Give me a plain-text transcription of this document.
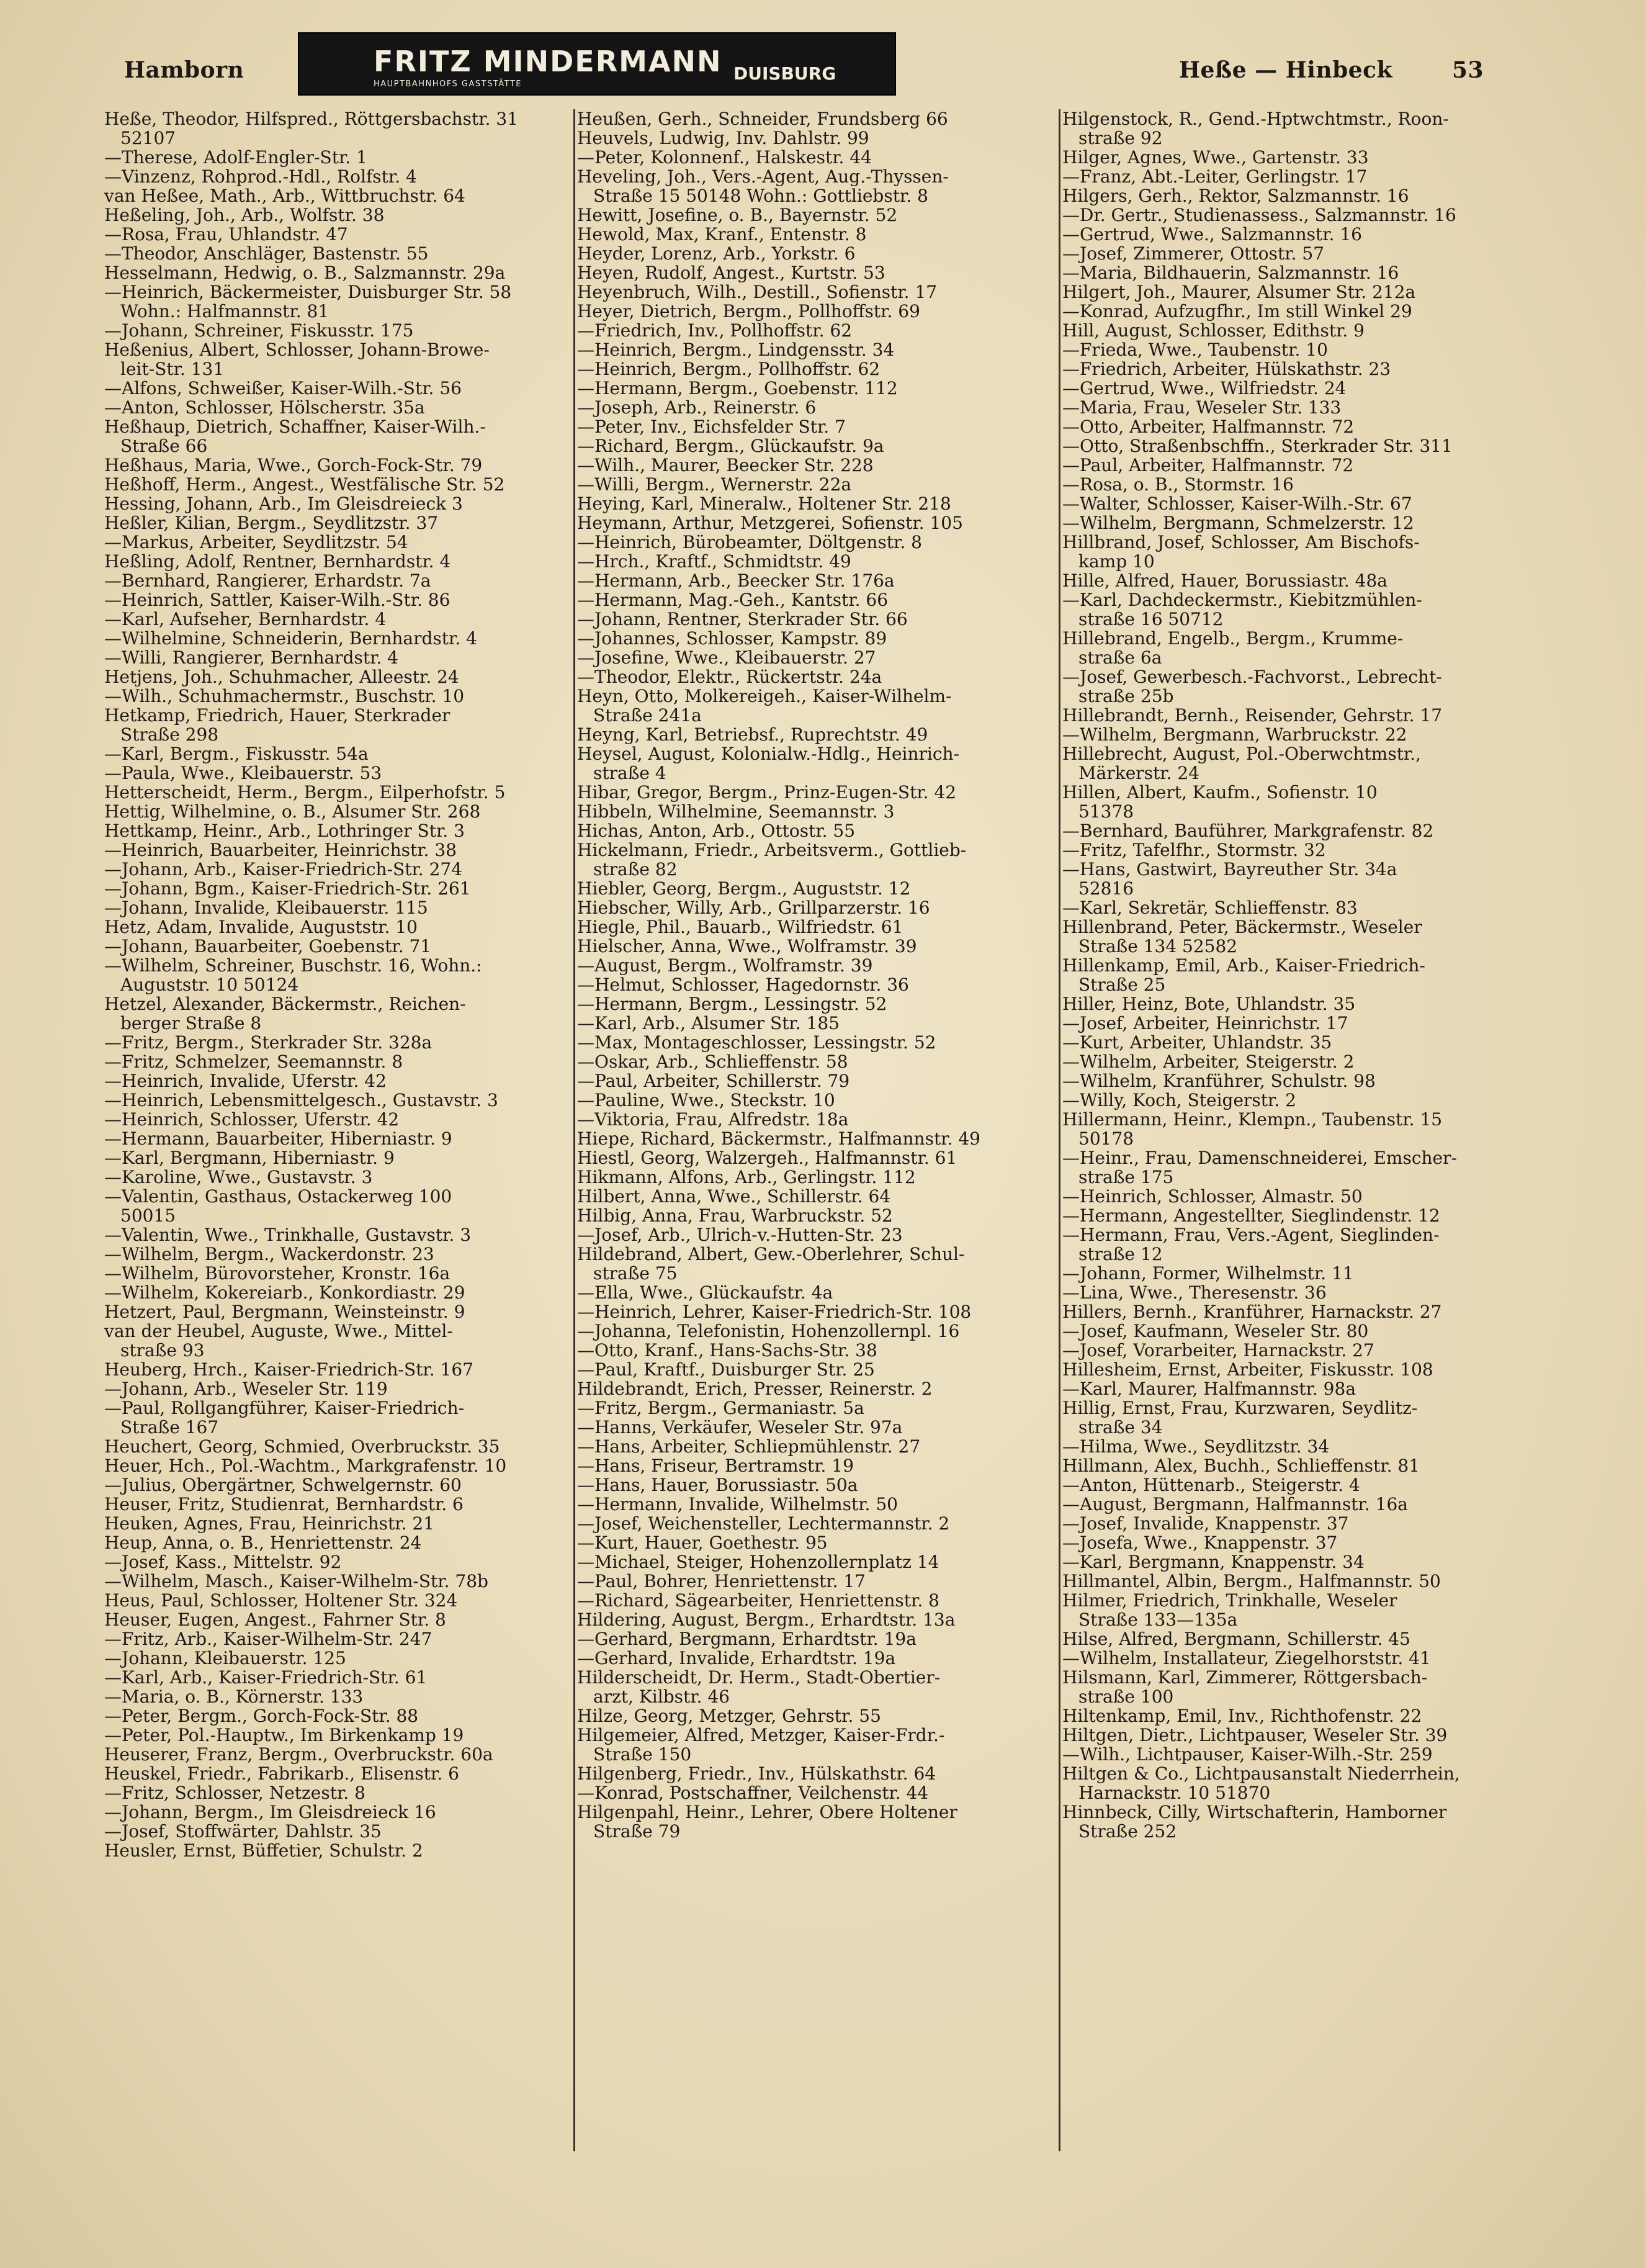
Hamborn	FRITZ MINDERMANN
HAUPTBAHNHOFS GASTSTÄTTE
DUISBURG	Heße — Hinbeck	53
Heße, Theodor, Hilfspred., Röttgersbachstr. 31
52107
—Therese, Adolf-Engler-Str. 1
—Vinzenz, Rohprod.-Hdl., Rolfstr. 4
van Heßee, Math., Arb., Wittbruchstr. 64
Heßeling, Joh., Arb., Wolfstr. 38
—Rosa, Frau, Uhlandstr. 47
—Theodor, Anschläger, Bastenstr. 55
Hesselmann, Hedwig, o. B., Salzmannstr. 29a
—Heinrich, Bäckermeister, Duisburger Str. 58
Wohn.: Halfmannstr. 81
—Johann, Schreiner, Fiskusstr. 175
Heßenius, Albert, Schlosser, Johann-Browe-
leit-Str. 131
—Alfons, Schweißer, Kaiser-Wilh.-Str. 56
—Anton, Schlosser, Hölscherstr. 35a
Heßhaup, Dietrich, Schaffner, Kaiser-Wilh.-
Straße 66
Heßhaus, Maria, Wwe., Gorch-Fock-Str. 79
Heßhoff, Herm., Angest., Westfälische Str. 52
Hessing, Johann, Arb., Im Gleisdreieck 3
Heßler, Kilian, Bergm., Seydlitzstr. 37
—Markus, Arbeiter, Seydlitzstr. 54
Heßling, Adolf, Rentner, Bernhardstr. 4
—Bernhard, Rangierer, Erhardstr. 7a
—Heinrich, Sattler, Kaiser-Wilh.-Str. 86
—Karl, Aufseher, Bernhardstr. 4
—Wilhelmine, Schneiderin, Bernhardstr. 4
—Willi, Rangierer, Bernhardstr. 4
Hetjens, Joh., Schuhmacher, Alleestr. 24
—Wilh., Schuhmachermstr., Buschstr. 10
Hetkamp, Friedrich, Hauer, Sterkrader
Straße 298
—Karl, Bergm., Fiskusstr. 54a
—Paula, Wwe., Kleibauerstr. 53
Hetterscheidt, Herm., Bergm., Eilperhofstr. 5
Hettig, Wilhelmine, o. B., Alsumer Str. 268
Hettkamp, Heinr., Arb., Lothringer Str. 3
—Heinrich, Bauarbeiter, Heinrichstr. 38
—Johann, Arb., Kaiser-Friedrich-Str. 274
—Johann, Bgm., Kaiser-Friedrich-Str. 261
—Johann, Invalide, Kleibauerstr. 115
Hetz, Adam, Invalide, Auguststr. 10
—Johann, Bauarbeiter, Goebenstr. 71
—Wilhelm, Schreiner, Buschstr. 16, Wohn.:
Auguststr. 10 50124
Hetzel, Alexander, Bäckermstr., Reichen-
berger Straße 8
—Fritz, Bergm., Sterkrader Str. 328a
—Fritz, Schmelzer, Seemannstr. 8
—Heinrich, Invalide, Uferstr. 42
—Heinrich, Lebensmittelgesch., Gustavstr. 3
—Heinrich, Schlosser, Uferstr. 42
—Hermann, Bauarbeiter, Hiberniastr. 9
—Karl, Bergmann, Hiberniastr. 9
—Karoline, Wwe., Gustavstr. 3
—Valentin, Gasthaus, Ostackerweg 100
50015
—Valentin, Wwe., Trinkhalle, Gustavstr. 3
—Wilhelm, Bergm., Wackerdonstr. 23
—Wilhelm, Bürovorsteher, Kronstr. 16a
—Wilhelm, Kokereiarb., Konkordiastr. 29
Hetzert, Paul, Bergmann, Weinsteinstr. 9
van der Heubel, Auguste, Wwe., Mittel-
straße 93
Heuberg, Hrch., Kaiser-Friedrich-Str. 167
—Johann, Arb., Weseler Str. 119
—Paul, Rollgangführer, Kaiser-Friedrich-
Straße 167
Heuchert, Georg, Schmied, Overbruckstr. 35
Heuer, Hch., Pol.-Wachtm., Markgrafenstr. 10
—Julius, Obergärtner, Schwelgernstr. 60
Heuser, Fritz, Studienrat, Bernhardstr. 6
Heuken, Agnes, Frau, Heinrichstr. 21
Heup, Anna, o. B., Henriettenstr. 24
—Josef, Kass., Mittelstr. 92
—Wilhelm, Masch., Kaiser-Wilhelm-Str. 78b
Heus, Paul, Schlosser, Holtener Str. 324
Heuser, Eugen, Angest., Fahrner Str. 8
—Fritz, Arb., Kaiser-Wilhelm-Str. 247
—Johann, Kleibauerstr. 125
—Karl, Arb., Kaiser-Friedrich-Str. 61
—Maria, o. B., Körnerstr. 133
—Peter, Bergm., Gorch-Fock-Str. 88
—Peter, Pol.-Hauptw., Im Birkenkamp 19
Heuserer, Franz, Bergm., Overbruckstr. 60a
Heuskel, Friedr., Fabrikarb., Elisenstr. 6
—Fritz, Schlosser, Netzestr. 8
—Johann, Bergm., Im Gleisdreieck 16
—Josef, Stoffwärter, Dahlstr. 35
Heusler, Ernst, Büffetier, Schulstr. 2
Heußen, Gerh., Schneider, Frundsberg 66
Heuvels, Ludwig, Inv. Dahlstr. 99
—Peter, Kolonnenf., Halskestr. 44
Heveling, Joh., Vers.-Agent, Aug.-Thyssen-
Straße 15 50148 Wohn.: Gottliebstr. 8
Hewitt, Josefine, o. B., Bayernstr. 52
Hewold, Max, Kranf., Entenstr. 8
Heyder, Lorenz, Arb., Yorkstr. 6
Heyen, Rudolf, Angest., Kurtstr. 53
Heyenbruch, Wilh., Destill., Sofienstr. 17
Heyer, Dietrich, Bergm., Pollhoffstr. 69
—Friedrich, Inv., Pollhoffstr. 62
—Heinrich, Bergm., Lindgensstr. 34
—Heinrich, Bergm., Pollhoffstr. 62
—Hermann, Bergm., Goebenstr. 112
—Joseph, Arb., Reinerstr. 6
—Peter, Inv., Eichsfelder Str. 7
—Richard, Bergm., Glückaufstr. 9a
—Wilh., Maurer, Beecker Str. 228
—Willi, Bergm., Wernerstr. 22a
Heying, Karl, Mineralw., Holtener Str. 218
Heymann, Arthur, Metzgerei, Sofienstr. 105
—Heinrich, Bürobeamter, Döltgenstr. 8
—Hrch., Kraftf., Schmidtstr. 49
—Hermann, Arb., Beecker Str. 176a
—Hermann, Mag.-Geh., Kantstr. 66
—Johann, Rentner, Sterkrader Str. 66
—Johannes, Schlosser, Kampstr. 89
—Josefine, Wwe., Kleibauerstr. 27
—Theodor, Elektr., Rückertstr. 24a
Heyn, Otto, Molkereigeh., Kaiser-Wilhelm-
Straße 241a
Heyng, Karl, Betriebsf., Ruprechtstr. 49
Heysel, August, Kolonialw.-Hdlg., Heinrich-
straße 4
Hibar, Gregor, Bergm., Prinz-Eugen-Str. 42
Hibbeln, Wilhelmine, Seemannstr. 3
Hichas, Anton, Arb., Ottostr. 55
Hickelmann, Friedr., Arbeitsverm., Gottlieb-
straße 82
Hiebler, Georg, Bergm., Auguststr. 12
Hiebscher, Willy, Arb., Grillparzerstr. 16
Hiegle, Phil., Bauarb., Wilfriedstr. 61
Hielscher, Anna, Wwe., Wolframstr. 39
—August, Bergm., Wolframstr. 39
—Helmut, Schlosser, Hagedornstr. 36
—Hermann, Bergm., Lessingstr. 52
—Karl, Arb., Alsumer Str. 185
—Max, Montageschlosser, Lessingstr. 52
—Oskar, Arb., Schlieffenstr. 58
—Paul, Arbeiter, Schillerstr. 79
—Pauline, Wwe., Steckstr. 10
—Viktoria, Frau, Alfredstr. 18a
Hiepe, Richard, Bäckermstr., Halfmannstr. 49
Hiestl, Georg, Walzergeh., Halfmannstr. 61
Hikmann, Alfons, Arb., Gerlingstr. 112
Hilbert, Anna, Wwe., Schillerstr. 64
Hilbig, Anna, Frau, Warbruckstr. 52
—Josef, Arb., Ulrich-v.-Hutten-Str. 23
Hildebrand, Albert, Gew.-Oberlehrer, Schul-
straße 75
—Ella, Wwe., Glückaufstr. 4a
—Heinrich, Lehrer, Kaiser-Friedrich-Str. 108
—Johanna, Telefonistin, Hohenzollernpl. 16
—Otto, Kranf., Hans-Sachs-Str. 38
—Paul, Kraftf., Duisburger Str. 25
Hildebrandt, Erich, Presser, Reinerstr. 2
—Fritz, Bergm., Germaniastr. 5a
—Hanns, Verkäufer, Weseler Str. 97a
—Hans, Arbeiter, Schliepmühlenstr. 27
—Hans, Friseur, Bertramstr. 19
—Hans, Hauer, Borussiastr. 50a
—Hermann, Invalide, Wilhelmstr. 50
—Josef, Weichensteller, Lechtermannstr. 2
—Kurt, Hauer, Goethestr. 95
—Michael, Steiger, Hohenzollernplatz 14
—Paul, Bohrer, Henriettenstr. 17
—Richard, Sägearbeiter, Henriettenstr. 8
Hildering, August, Bergm., Erhardtstr. 13a
—Gerhard, Bergmann, Erhardtstr. 19a
—Gerhard, Invalide, Erhardtstr. 19a
Hilderscheidt, Dr. Herm., Stadt-Obertier-
arzt, Kilbstr. 46
Hilze, Georg, Metzger, Gehrstr. 55
Hilgemeier, Alfred, Metzger, Kaiser-Frdr.-
Straße 150
Hilgenberg, Friedr., Inv., Hülskathstr. 64
—Konrad, Postschaffner, Veilchenstr. 44
Hilgenpahl, Heinr., Lehrer, Obere Holtener
Straße 79
Hilgenstock, R., Gend.-Hptwchtmstr., Roon-
straße 92
Hilger, Agnes, Wwe., Gartenstr. 33
—Franz, Abt.-Leiter, Gerlingstr. 17
Hilgers, Gerh., Rektor, Salzmannstr. 16
—Dr. Gertr., Studienassess., Salzmannstr. 16
—Gertrud, Wwe., Salzmannstr. 16
—Josef, Zimmerer, Ottostr. 57
—Maria, Bildhauerin, Salzmannstr. 16
Hilgert, Joh., Maurer, Alsumer Str. 212a
—Konrad, Aufzugfhr., Im still Winkel 29
Hill, August, Schlosser, Edithstr. 9
—Frieda, Wwe., Taubenstr. 10
—Friedrich, Arbeiter, Hülskathstr. 23
—Gertrud, Wwe., Wilfriedstr. 24
—Maria, Frau, Weseler Str. 133
—Otto, Arbeiter, Halfmannstr. 72
—Otto, Straßenbschffn., Sterkrader Str. 311
—Paul, Arbeiter, Halfmannstr. 72
—Rosa, o. B., Stormstr. 16
—Walter, Schlosser, Kaiser-Wilh.-Str. 67
—Wilhelm, Bergmann, Schmelzerstr. 12
Hillbrand, Josef, Schlosser, Am Bischofs-
kamp 10
Hille, Alfred, Hauer, Borussiastr. 48a
—Karl, Dachdeckermstr., Kiebitzmühlen-
straße 16 50712
Hillebrand, Engelb., Bergm., Krumme-
straße 6a
—Josef, Gewerbesch.-Fachvorst., Lebrecht-
straße 25b
Hillebrandt, Bernh., Reisender, Gehrstr. 17
—Wilhelm, Bergmann, Warbruckstr. 22
Hillebrecht, August, Pol.-Oberwchtmstr.,
Märkerstr. 24
Hillen, Albert, Kaufm., Sofienstr. 10
51378
—Bernhard, Bauführer, Markgrafenstr. 82
—Fritz, Tafelfhr., Stormstr. 32
—Hans, Gastwirt, Bayreuther Str. 34a
52816
—Karl, Sekretär, Schlieffenstr. 83
Hillenbrand, Peter, Bäckermstr., Weseler
Straße 134 52582
Hillenkamp, Emil, Arb., Kaiser-Friedrich-
Straße 25
Hiller, Heinz, Bote, Uhlandstr. 35
—Josef, Arbeiter, Heinrichstr. 17
—Kurt, Arbeiter, Uhlandstr. 35
—Wilhelm, Arbeiter, Steigerstr. 2
—Wilhelm, Kranführer, Schulstr. 98
—Willy, Koch, Steigerstr. 2
Hillermann, Heinr., Klempn., Taubenstr. 15
50178
—Heinr., Frau, Damenschneiderei, Emscher-
straße 175
—Heinrich, Schlosser, Almastr. 50
—Hermann, Angestellter, Sieglindenstr. 12
—Hermann, Frau, Vers.-Agent, Sieglinden-
straße 12
—Johann, Former, Wilhelmstr. 11
—Lina, Wwe., Theresenstr. 36
Hillers, Bernh., Kranführer, Harnackstr. 27
—Josef, Kaufmann, Weseler Str. 80
—Josef, Vorarbeiter, Harnackstr. 27
Hillesheim, Ernst, Arbeiter, Fiskusstr. 108
—Karl, Maurer, Halfmannstr. 98a
Hillig, Ernst, Frau, Kurzwaren, Seydlitz-
straße 34
—Hilma, Wwe., Seydlitzstr. 34
Hillmann, Alex, Buchh., Schlieffenstr. 81
—Anton, Hüttenarb., Steigerstr. 4
—August, Bergmann, Halfmannstr. 16a
—Josef, Invalide, Knappenstr. 37
—Josefa, Wwe., Knappenstr. 37
—Karl, Bergmann, Knappenstr. 34
Hillmantel, Albin, Bergm., Halfmannstr. 50
Hilmer, Friedrich, Trinkhalle, Weseler
Straße 133—135a
Hilse, Alfred, Bergmann, Schillerstr. 45
—Wilhelm, Installateur, Ziegelhorststr. 41
Hilsmann, Karl, Zimmerer, Röttgersbach-
straße 100
Hiltenkamp, Emil, Inv., Richthofenstr. 22
Hiltgen, Dietr., Lichtpauser, Weseler Str. 39
—Wilh., Lichtpauser, Kaiser-Wilh.-Str. 259
Hiltgen & Co., Lichtpausanstalt Niederrhein,
Harnackstr. 10 51870
Hinnbeck, Cilly, Wirtschafterin, Hamborner
Straße 252
